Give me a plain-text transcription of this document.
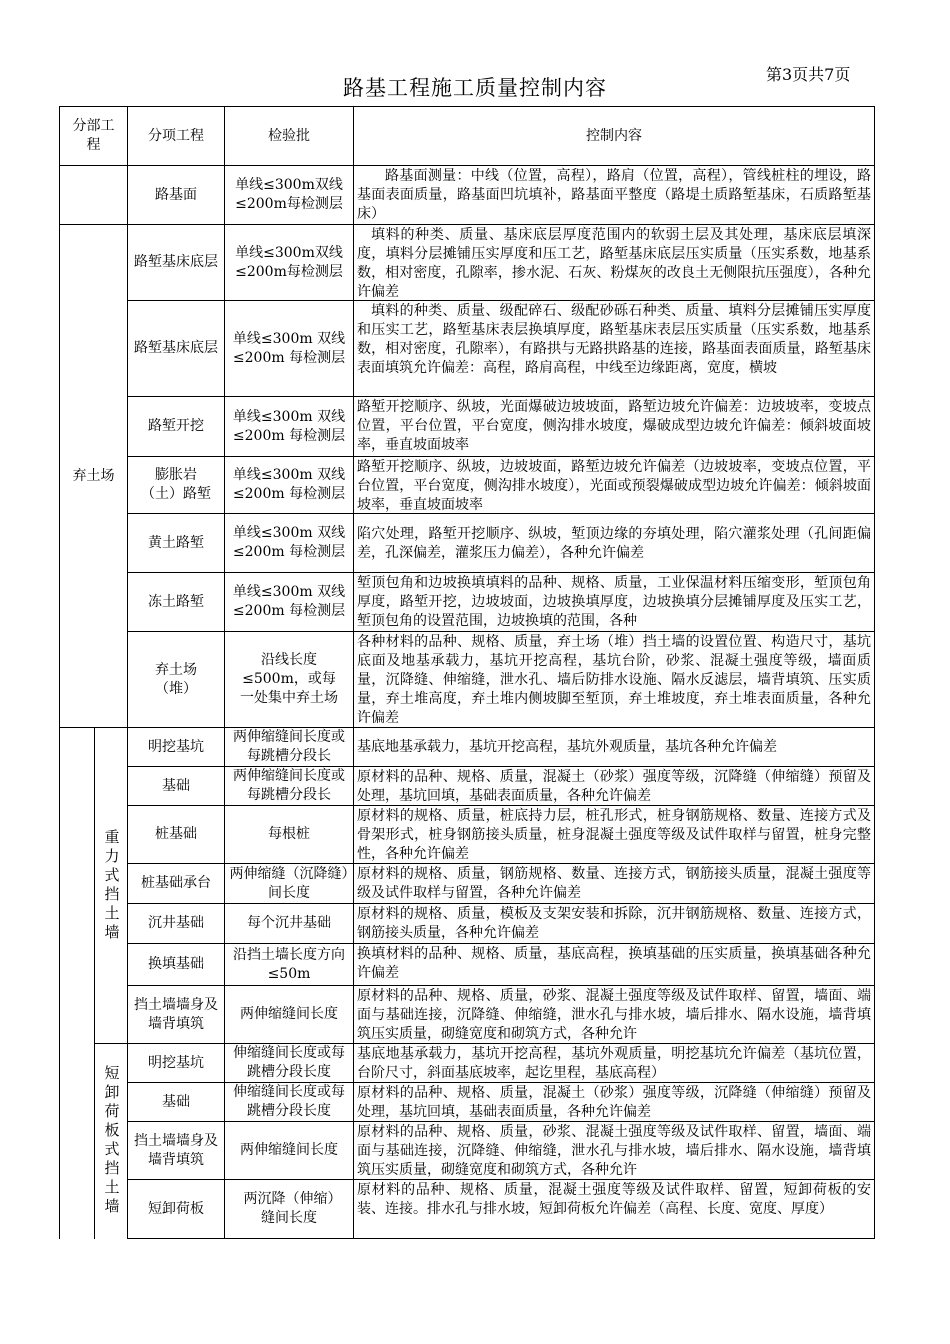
路基工程施工质量控制内容
第3页共7页
分部工程		分项工程	检验批	控制内容
		路基面	单线≤300m双线≤200m每检测层	路基面测量：中线（位置，高程），路肩（位置，高程），管线桩柱的埋设，路基面表面质量，路基面凹坑填补，路基面平整度（路堤土质路堑基床，石质路堑基床）

弃土场		路堑基床底层	单线≤300m双线≤200m每检测层	填料的种类、质量、基床底层厚度范围内的软弱土层及其处理，基床底层填深度，填料分层摊铺压实厚度和压工艺，路堑基床底层压实质量（压实系数，地基系数，相对密度，孔隙率，掺水泥、石灰、粉煤灰的改良土无侧限抗压强度），各种允许偏差

		路堑基床底层	单线≤300m 双线≤200m 每检测层	填料的种类、质量、级配碎石、级配砂砾石种类、质量、填料分层摊铺压实厚度和压实工艺，路堑基床表层换填厚度，路堑基床表层压实质量（压实系数，地基系数，相对密度，孔隙率），有路拱与无路拱路基的连接，路基面表面质量，路堑基床表面填筑允许偏差：高程，路肩高程，中线至边缘距离，宽度，横坡

		路堑开挖	单线≤300m 双线≤200m 每检测层	路堑开挖顺序、纵坡，光面爆破边坡坡面，路堑边坡允许偏差：边坡坡率，变坡点位置，平台位置，平台宽度，侧沟排水坡度，爆破成型边坡允许偏差：倾斜坡面坡率，垂直坡面坡率

		膨胀岩（土）路堑	单线≤300m 双线≤200m 每检测层	路堑开挖顺序、纵坡，边坡坡面，路堑边坡允许偏差（边坡坡率，变坡点位置，平台位置，平台宽度，侧沟排水坡度），光面或预裂爆破成型边坡允许偏差：倾斜坡面坡率，垂直坡面坡率

		黄土路堑	单线≤300m 双线≤200m 每检测层	陷穴处理，路堑开挖顺序、纵坡，堑顶边缘的夯填处理，陷穴灌浆处理（孔间距偏差，孔深偏差，灌浆压力偏差），各种允许偏差

		冻土路堑	单线≤300m 双线≤200m 每检测层	堑顶包角和边坡换填填料的品种、规格、质量，工业保温材料压缩变形，堑顶包角厚度，路堑开挖，边坡坡面，边坡换填厚度，边坡换填分层摊铺厚度及压实工艺，堑顶包角的设置范围，边坡换填的范围，各种

		弃土场（堆）	沿线长度≤500m，或每一处集中弃土场	各种材料的品种、规格、质量，弃土场（堆）挡土墙的设置位置、构造尺寸，基坑底面及地基承载力，基坑开挖高程，基坑台阶，砂浆、混凝土强度等级，墙面质量，沉降缝、伸缩缝，泄水孔、墙后防排水设施、隔水反滤层，墙背填筑、压实质量，弃土堆高度，弃土堆内侧坡脚至堑顶，弃土堆坡度，弃土堆表面质量，各种允许偏差

	重力式挡土墙	明挖基坑	两伸缩缝间长度或每跳槽分段长	基底地基承载力，基坑开挖高程，基坑外观质量，基坑各种允许偏差

		基础	两伸缩缝间长度或每跳槽分段长	原材料的品种、规格、质量，混凝土（砂浆）强度等级，沉降缝（伸缩缝）预留及处理，基坑回填，基础表面质量，各种允许偏差

		桩基础	每根桩	原材料的规格、质量，桩底持力层，桩孔形式，桩身钢筋规格、数量、连接方式及骨架形式，桩身钢筋接头质量，桩身混凝土强度等级及试件取样与留置，桩身完整性，各种允许偏差

		桩基础承台	两伸缩缝（沉降缝）间长度	原材料的规格、质量，钢筋规格、数量、连接方式，钢筋接头质量，混凝土强度等级及试件取样与留置，各种允许偏差

		沉井基础	每个沉井基础	原材料的规格、质量，模板及支架安装和拆除，沉井钢筋规格、数量、连接方式，钢筋接头质量，各种允许偏差

		换填基础	沿挡土墙长度方向≤50m	换填材料的品种、规格、质量，基底高程，换填基础的压实质量，换填基础各种允许偏差

		挡土墙墙身及墙背填筑	两伸缩缝间长度	原材料的品种、规格、质量，砂浆、混凝土强度等级及试件取样、留置，墙面、端面与基础连接，沉降缝、伸缩缝，泄水孔与排水坡，墙后排水、隔水设施，墙背填筑压实质量，砌缝宽度和砌筑方式，各种允许

	短卸荷板式挡土墙	明挖基坑	伸缩缝间长度或每跳槽分段长度	基底地基承载力，基坑开挖高程，基坑外观质量，明挖基坑允许偏差（基坑位置，台阶尺寸，斜面基底坡率，起讫里程，基底高程）

		基础	伸缩缝间长度或每跳槽分段长度	原材料的品种、规格、质量，混凝土（砂浆）强度等级，沉降缝（伸缩缝）预留及处理，基坑回填，基础表面质量，各种允许偏差

		挡土墙墙身及墙背填筑	两伸缩缝间长度	原材料的品种、规格、质量，砂浆、混凝土强度等级及试件取样、留置，墙面、端面与基础连接，沉降缝、伸缩缝，泄水孔与排水坡，墙后排水、隔水设施，墙背填筑压实质量，砌缝宽度和砌筑方式，各种允许

		短卸荷板	两沉降（伸缩）缝间长度	原材料的品种、规格、质量，混凝土强度等级及试件取样、留置，短卸荷板的安装、连接。排水孔与排水坡，短卸荷板允许偏差（高程、长度、宽度、厚度）
